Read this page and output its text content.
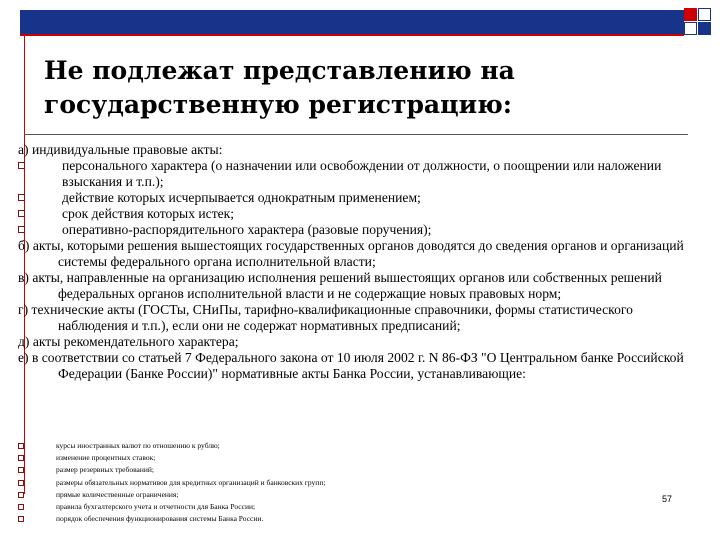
Не подлежат представлению на государственную регистрацию:

а) индивидуальные правовые акты:

персонального характера (о назначении или освобождении от должности, о поощрении или наложении взыскания и т.п.);

действие которых исчерпывается однократным применением;

срок действия которых истек;

оперативно-распорядительного характера (разовые поручения);

б) акты, которыми решения вышестоящих государственных органов доводятся до сведения органов и организаций системы федерального органа исполнительной власти;

в) акты, направленные на организацию исполнения решений вышестоящих органов или собственных решений федеральных органов исполнительной власти и не содержащие новых правовых норм;

г) технические акты (ГОСТы, СНиПы, тарифно-квалификационные справочники, формы статистического наблюдения и т.п.), если они не содержат нормативных предписаний;

д) акты рекомендательного характера;

е) в соответствии со статьей 7 Федерального закона от 10 июля 2002 г. N 86-ФЗ "О Центральном банке Российской Федерации (Банке России)" нормативные акты Банка России, устанавливающие:

курсы иностранных валют по отношению к рублю;

изменение процентных ставок;

размер резервных требований;

размеры обязательных нормативов для кредитных организаций и банковских групп;

прямые количественные ограничения;

правила бухгалтерского учета и отчетности для Банка России;

порядок обеспечения функционирования системы Банка России.

57
